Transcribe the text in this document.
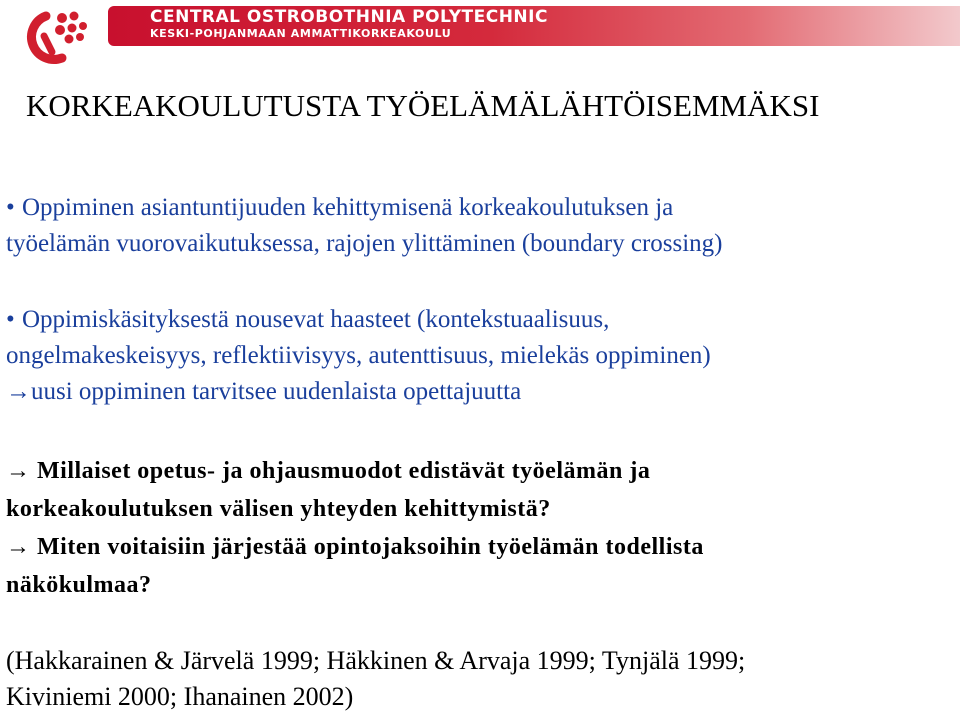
CENTRAL OSTROBOTHNIA POLYTECHNIC
KESKI-POHJANMAAN AMMATTIKORKEAKOULU
KORKEAKOULUTUSTA TYÖELÄMÄLÄHTÖISEMMÄKSI
• Oppiminen asiantuntijuuden kehittymisenä korkeakoulutuksen ja
työelämän vuorovaikutuksessa, rajojen ylittäminen (boundary crossing)
• Oppimiskäsityksestä nousevat haasteet (kontekstuaalisuus,
ongelmakeskeisyys, reflektiivisyys, autenttisuus, mielekäs oppiminen)
→uusi oppiminen tarvitsee uudenlaista opettajuutta
→ Millaiset opetus- ja ohjausmuodot edistävät työelämän ja
korkeakoulutuksen välisen yhteyden kehittymistä?
→ Miten voitaisiin järjestää opintojaksoihin työelämän todellista
näkökulmaa?
(Hakkarainen & Järvelä 1999; Häkkinen & Arvaja 1999; Tynjälä 1999;
Kiviniemi 2000; Ihanainen 2002)
